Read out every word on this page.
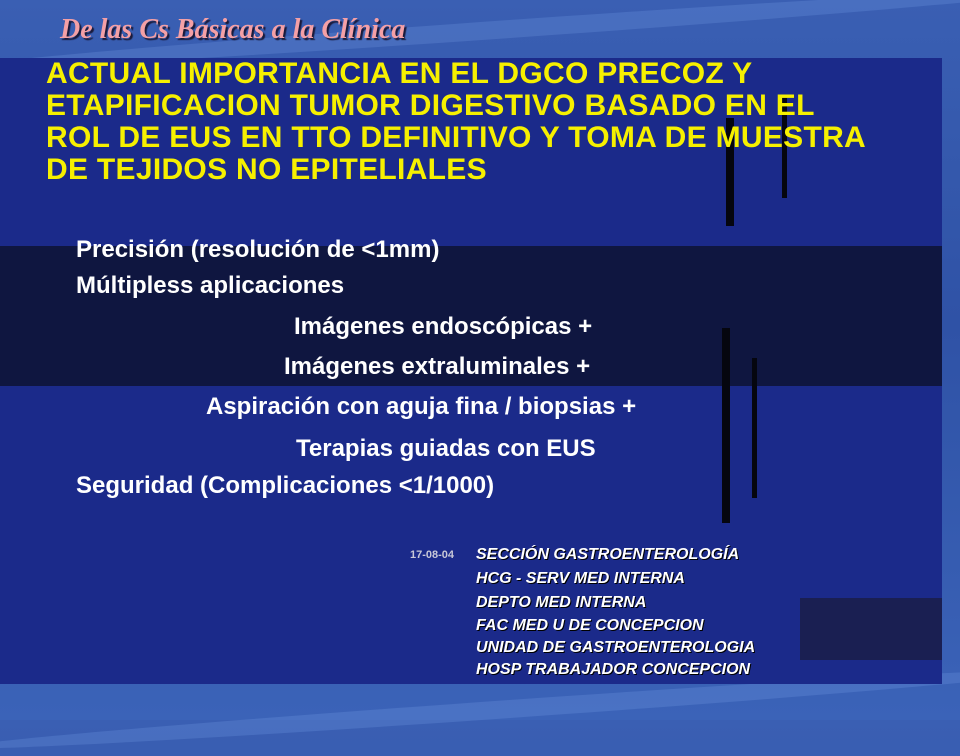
De las Cs Básicas a la Clínica
ACTUAL IMPORTANCIA EN EL DGCO PRECOZ Y
ETAPIFICACION TUMOR DIGESTIVO BASADO EN EL
ROL DE EUS EN TTO DEFINITIVO Y TOMA DE MUESTRA
DE TEJIDOS NO EPITELIALES
Precisión (resolución de <1mm)
Múltipless aplicaciones
Imágenes endoscópicas +
Imágenes extraluminales +
Aspiración con aguja fina / biopsias +
Terapias guiadas con EUS
Seguridad (Complicaciones <1/1000)
17-08-04 SECCIÓN GASTROENTEROLOGÍA
HCG - SERV MED INTERNA
DEPTO MED INTERNA
FAC MED U DE CONCEPCION
UNIDAD DE GASTROENTEROLOGIA
HOSP TRABAJADOR CONCEPCION
